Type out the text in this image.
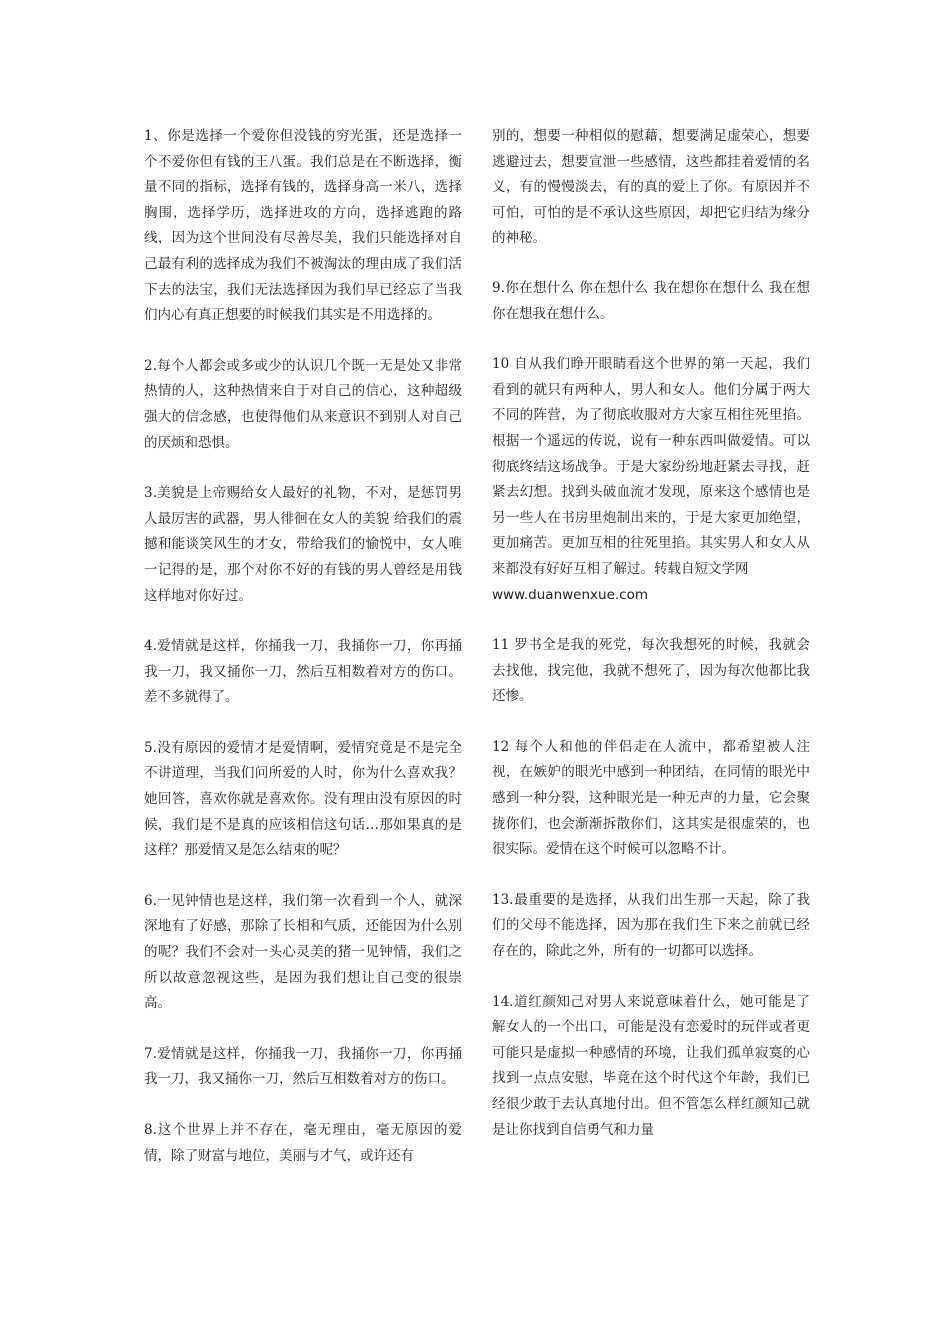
1、你是选择一个爱你但没钱的穷光蛋，还是选择一个不爱你但有钱的王八蛋。我们总是在不断选择，衡量不同的指标，选择有钱的，选择身高一米八，选择胸围，选择学历，选择进攻的方向，选择逃跑的路线，因为这个世间没有尽善尽美，我们只能选择对自己最有利的选择成为我们不被淘汰的理由成了我们活下去的法宝，我们无法选择因为我们早已经忘了当我们内心有真正想要的时候我们其实是不用选择的。

2.每个人都会或多或少的认识几个既一无是处又非常热情的人，这种热情来自于对自己的信心，这种超级强大的信念感，也使得他们从来意识不到别人对自己的厌烦和恐惧。

3.美貌是上帝赐给女人最好的礼物，不对，是惩罚男人最厉害的武器，男人徘徊在女人的美貌 给我们的震撼和能谈笑风生的才女，带给我们的愉悦中，女人唯一记得的是，那个对你不好的有钱的男人曾经是用钱这样地对你好过。

4.爱情就是这样，你捅我一刀，我捅你一刀，你再捅我一刀，我又捅你一刀，然后互相数着对方的伤口。差不多就得了。

5.没有原因的爱情才是爱情啊，爱情究竟是不是完全不讲道理，当我们问所爱的人时，你为什么喜欢我？她回答，喜欢你就是喜欢你。没有理由没有原因的时候，我们是不是真的应该相信这句话…那如果真的是这样？那爱情又是怎么结束的呢？

6.一见钟情也是这样，我们第一次看到一个人，就深深地有了好感，那除了长相和气质，还能因为什么别的呢？我们不会对一头心灵美的猪一见钟情，我们之所以故意忽视这些，是因为我们想让自己变的很崇高。

7.爱情就是这样，你捅我一刀，我捅你一刀，你再捅我一刀，我又捅你一刀，然后互相数着对方的伤口。

8.这个世界上并不存在，毫无理由，毫无原因的爱情，除了财富与地位，美丽与才气，或许还有

别的，想要一种相似的慰藉，想要满足虚荣心，想要逃避过去，想要宣泄一些感情，这些都挂着爱情的名义，有的慢慢淡去，有的真的爱上了你。有原因并不可怕，可怕的是不承认这些原因，却把它归结为缘分的神秘。

9.你在想什么 你在想什么 我在想你在想什么 我在想你在想我在想什么。

10 自从我们睁开眼睛看这个世界的第一天起，我们看到的就只有两种人，男人和女人。他们分属于两大不同的阵营，为了彻底收服对方大家互相往死里掐。根据一个遥远的传说，说有一种东西叫做爱情。可以彻底终结这场战争。于是大家纷纷地赶紧去寻找，赶紧去幻想。找到头破血流才发现，原来这个感情也是另一些人在书房里炮制出来的，于是大家更加绝望，更加痛苦。更加互相的往死里掐。其实男人和女人从来都没有好好互相了解过。转载自短文学网
www.duanwenxue.com

11 罗书全是我的死党，每次我想死的时候，我就会去找他，找完他，我就不想死了，因为每次他都比我还惨。

12 每个人和他的伴侣走在人流中，都希望被人注视，在嫉妒的眼光中感到一种团结，在同情的眼光中感到一种分裂，这种眼光是一种无声的力量，它会聚拢你们，也会渐渐拆散你们，这其实是很虚荣的，也很实际。爱情在这个时候可以忽略不计。

13.最重要的是选择，从我们出生那一天起，除了我们的父母不能选择，因为那在我们生下来之前就已经存在的，除此之外，所有的一切都可以选择。

14.道红颜知己对男人来说意味着什么，她可能是了解女人的一个出口，可能是没有恋爱时的玩伴或者更可能只是虚拟一种感情的环境，让我们孤单寂寞的心找到一点点安慰，毕竟在这个时代这个年龄，我们已经很少敢于去认真地付出。但不管怎么样红颜知己就是让你找到自信勇气和力量
